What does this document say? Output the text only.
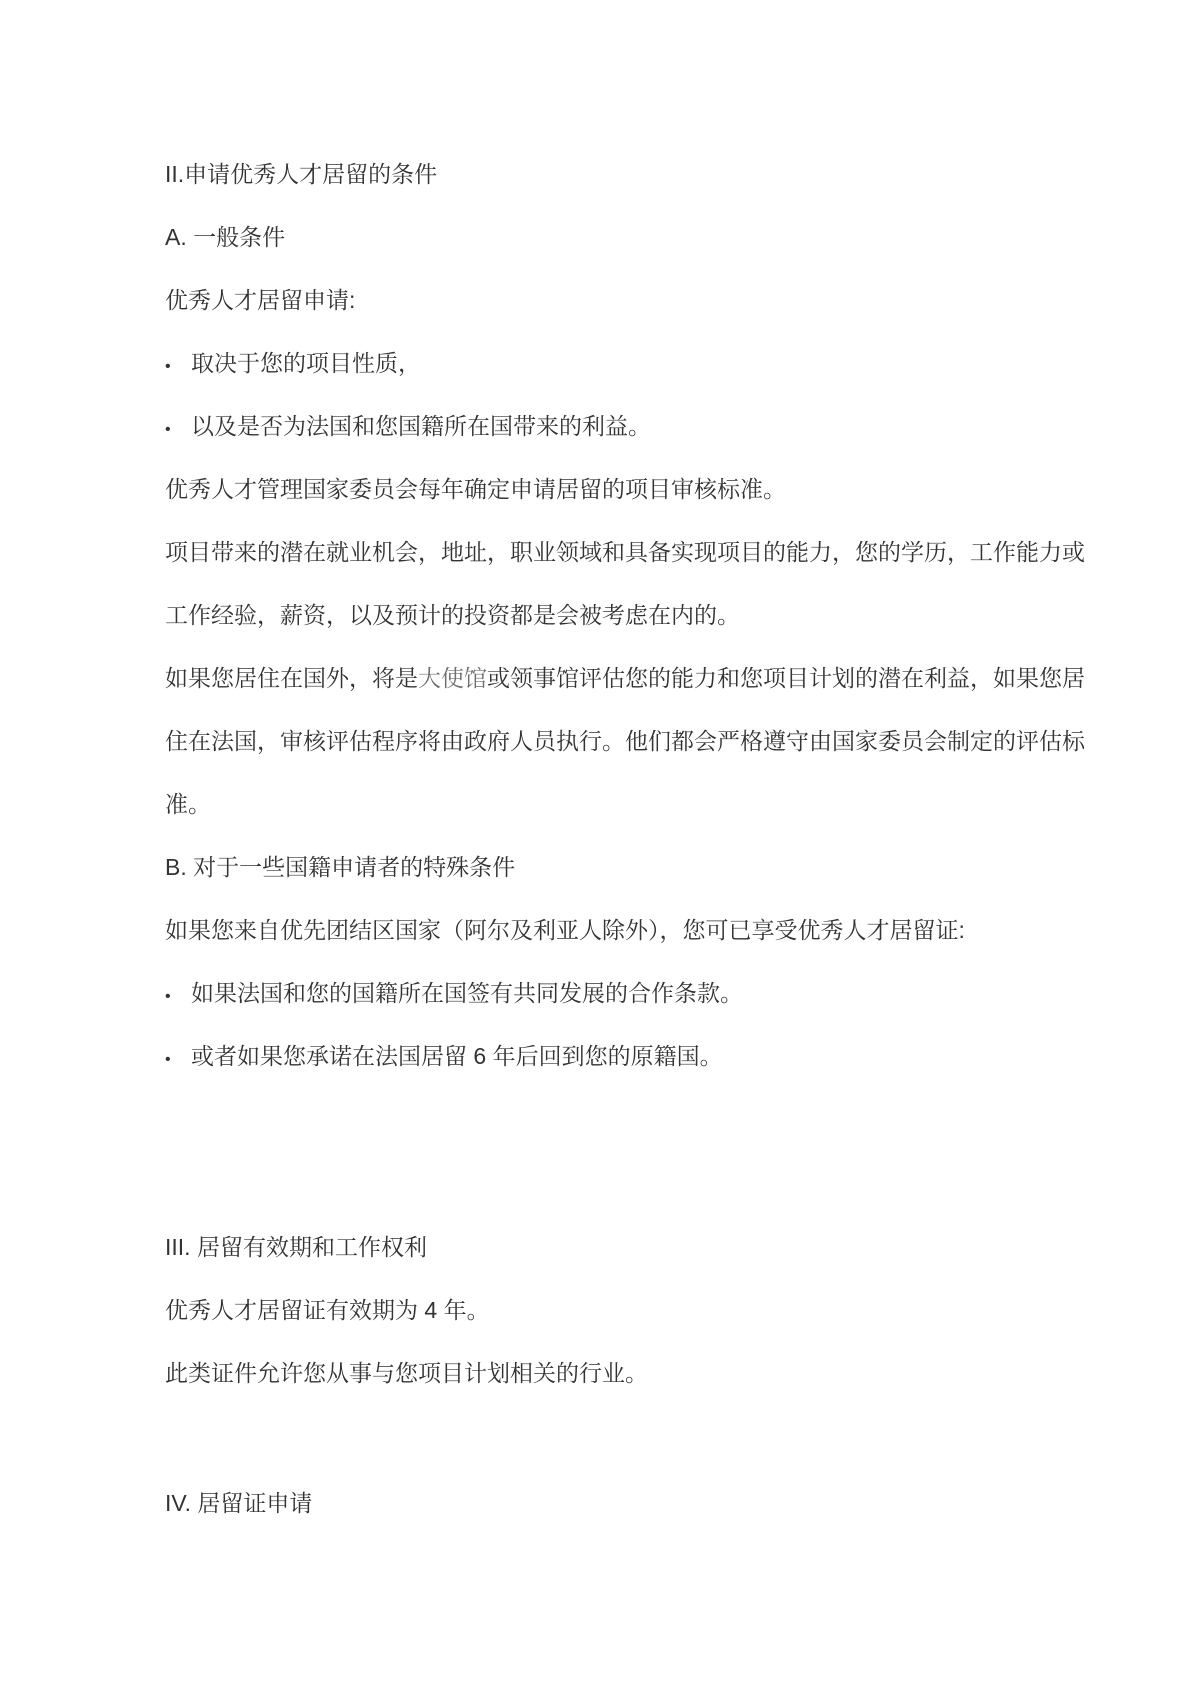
II.申请优秀人才居留的条件
A. 一般条件
优秀人才居留申请:
• 取决于您的项目性质，
• 以及是否为法国和您国籍所在国带来的利益。
优秀人才管理国家委员会每年确定申请居留的项目审核标准。
项目带来的潜在就业机会，地址，职业领域和具备实现项目的能力，您的学历，工作能力或
工作经验，薪资，以及预计的投资都是会被考虑在内的。
如果您居住在国外，将是大使馆或领事馆评估您的能力和您项目计划的潜在利益，如果您居
住在法国，审核评估程序将由政府人员执行。他们都会严格遵守由国家委员会制定的评估标
准。
B. 对于一些国籍申请者的特殊条件
如果您来自优先团结区国家（阿尔及利亚人除外），您可已享受优秀人才居留证:
• 如果法国和您的国籍所在国签有共同发展的合作条款。
• 或者如果您承诺在法国居留 6 年后回到您的原籍国。
III. 居留有效期和工作权利
优秀人才居留证有效期为 4 年。
此类证件允许您从事与您项目计划相关的行业。
IV. 居留证申请
